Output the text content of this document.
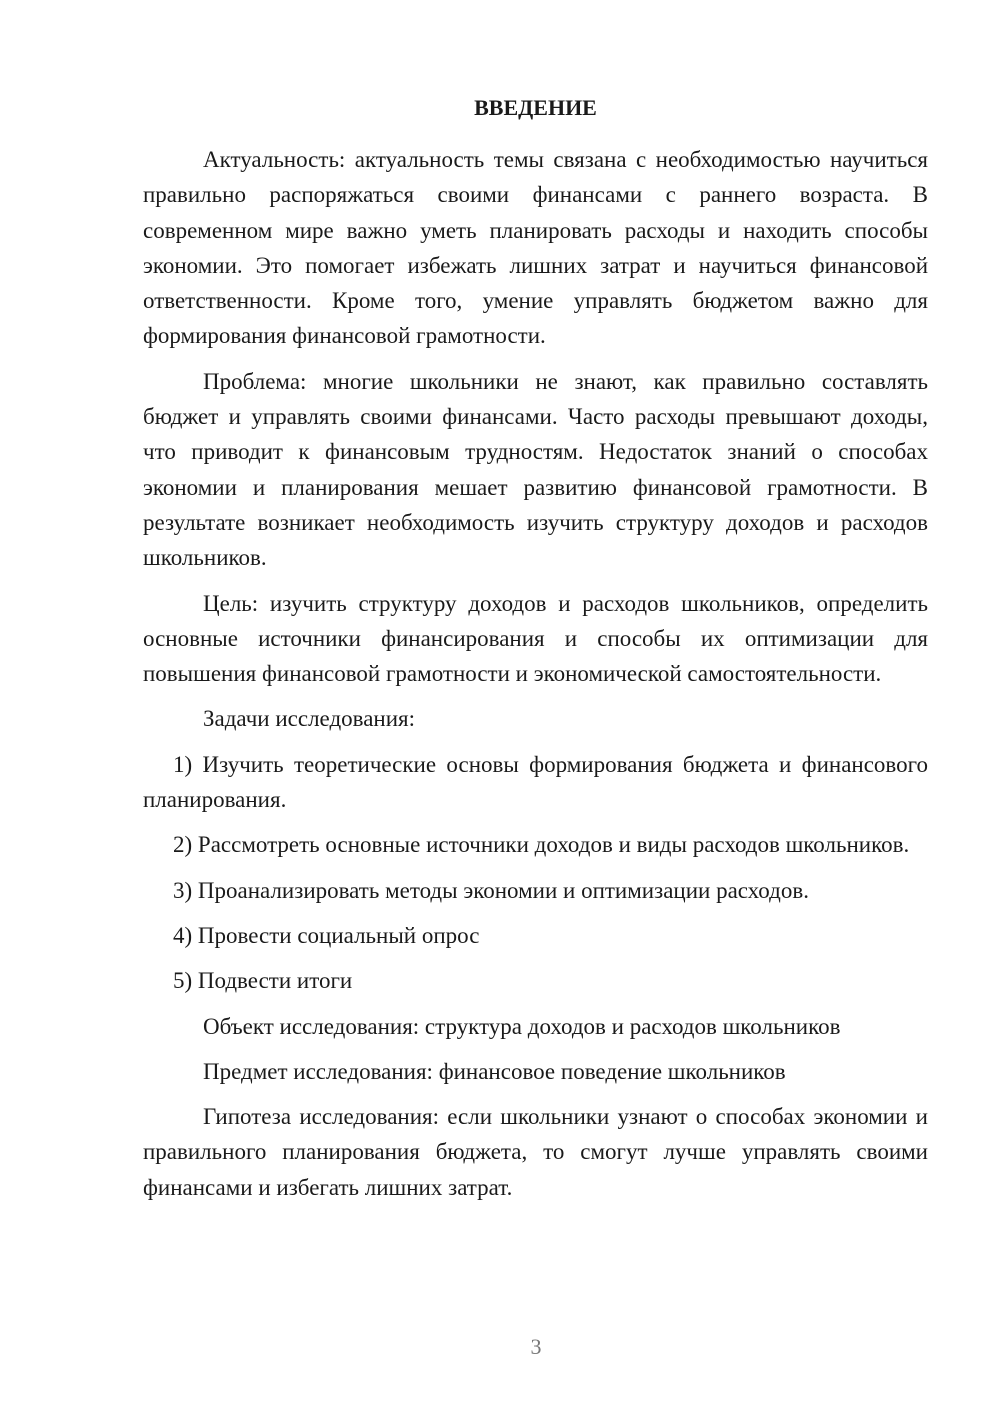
ВВЕДЕНИЕ

Актуальность: актуальность темы связана с необходимостью научиться правильно распоряжаться своими финансами с раннего возраста. В современном мире важно уметь планировать расходы и находить способы экономии. Это помогает избежать лишних затрат и научиться финансовой ответственности. Кроме того, умение управлять бюджетом важно для формирования финансовой грамотности.

Проблема: многие школьники не знают, как правильно составлять бюджет и управлять своими финансами. Часто расходы превышают доходы, что приводит к финансовым трудностям. Недостаток знаний о способах экономии и планирования мешает развитию финансовой грамотности. В результате возникает необходимость изучить структуру доходов и расходов школьников.

Цель: изучить структуру доходов и расходов школьников, определить основные источники финансирования и способы их оптимизации для повышения финансовой грамотности и экономической самостоятельности.

Задачи исследования:

1) Изучить теоретические основы формирования бюджета и финансового планирования.

2) Рассмотреть основные источники доходов и виды расходов школьников.

3) Проанализировать методы экономии и оптимизации расходов.

4) Провести социальный опрос

5) Подвести итоги

Объект исследования: структура доходов и расходов школьников

Предмет исследования: финансовое поведение школьников

Гипотеза исследования: если школьники узнают о способах экономии и правильного планирования бюджета, то смогут лучше управлять своими финансами и избегать лишних затрат.

3
